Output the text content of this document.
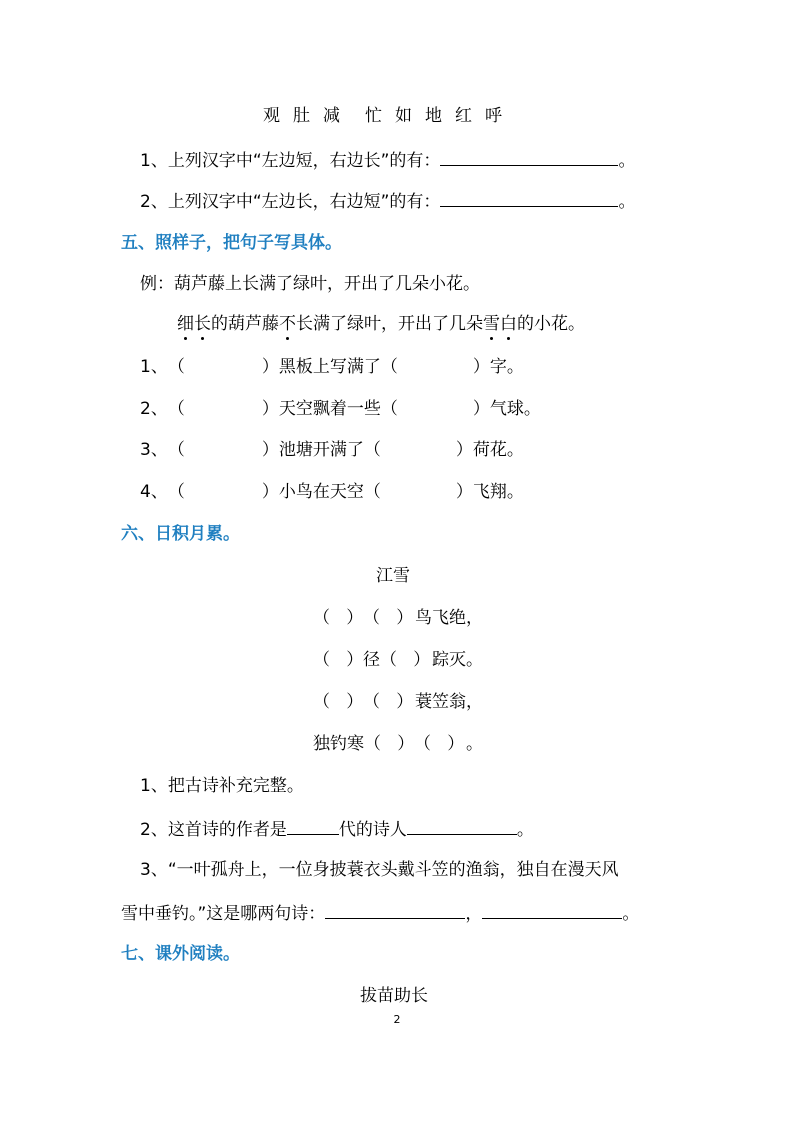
观 肚 减 忙 如 地 红 呼
1、上列汉字中“左边短，右边长”的有：	。
2、上列汉字中“左边长，右边短”的有：	。
五、照样子，把句子写具体。
例：葫芦藤上长满了绿叶，开出了几朵小花。
细长的葫芦藤不长满了绿叶，开出了几朵雪白的小花。
1、（	）黑板上写满了（	）字。
2、（	）天空飘着一些（	）气球。
3、（	）池塘开满了（	）荷花。
4、（	）小鸟在天空（	）飞翔。
六、日积月累。
江雪
（   ）（   ） 鸟飞绝，
（   ）径（   ） 踪灭。
（   ）（   ） 蓑笠翁，
独钓寒（   ）（   ） 。
1、把古诗补充完整。
2、这首诗的作者是	代的诗人	。
3、“一叶孤舟上，一位身披蓑衣头戴斗笠的渔翁，独自在漫天风
雪中垂钓。”这是哪两句诗：	，	。
七、课外阅读。
拔苗助长
2
